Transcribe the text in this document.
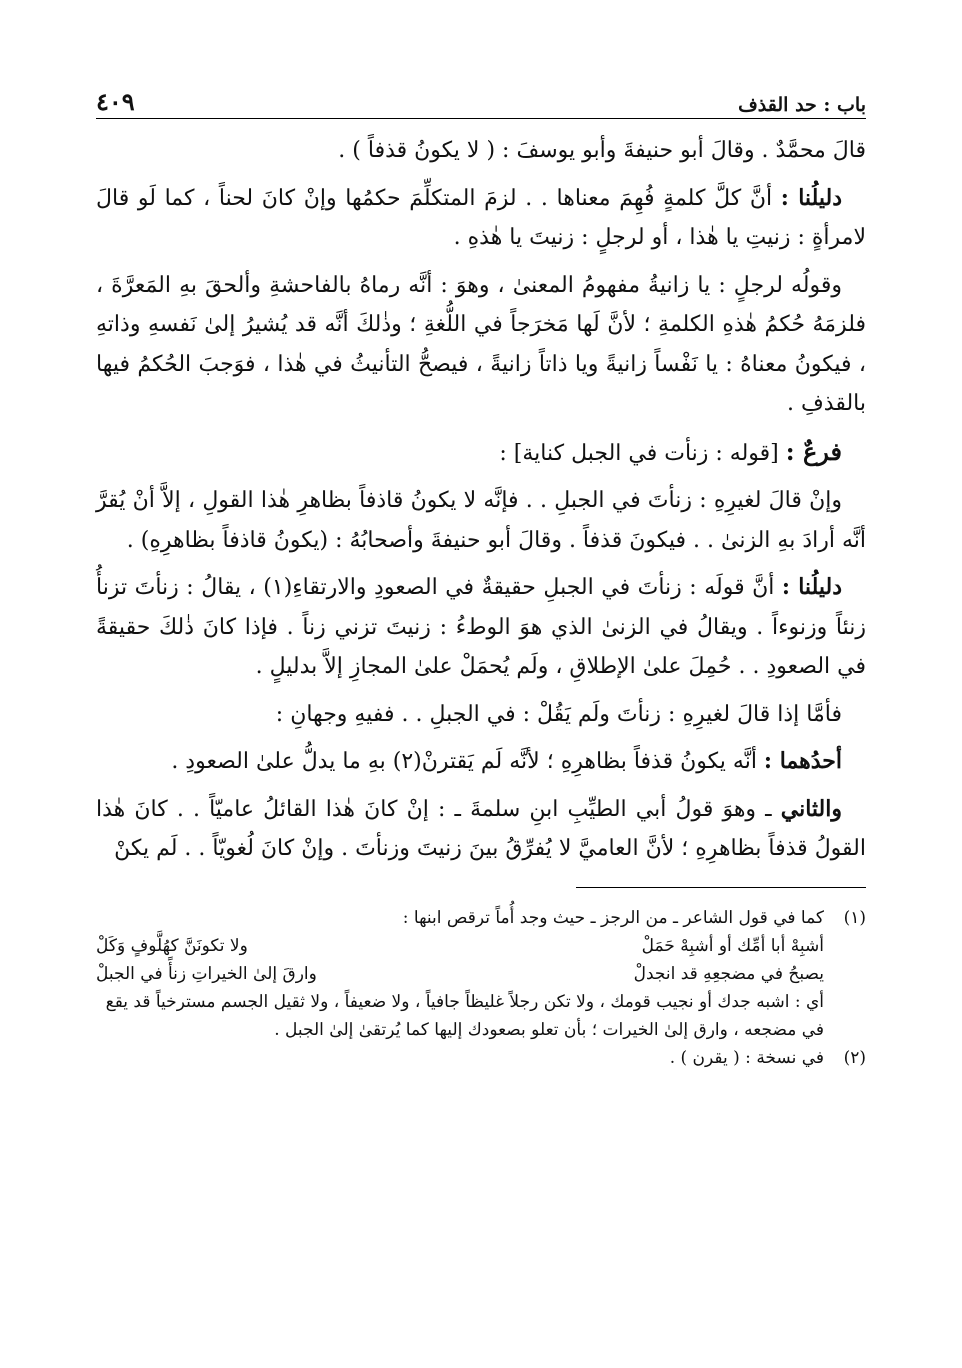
باب : حد القذف
٤٠٩

قالَ محمَّدٌ . وقالَ أبو حنيفةَ وأبو يوسفَ : ( لا يكونُ قذفاً ) .

دليلُنا : أنَّ كلَّ كلمةٍ فُهِمَ معناها . . لزمَ المتكلِّمَ حكمُها وإنْ كانَ لحناً ، كما لَو قالَ لامرأةٍ : زنيتِ يا هٰذا ، أو لرجلٍ : زنيتَ يا هٰذهِ .

وقولُه لرجلٍ : يا زانيةُ مفهومُ المعنىٰ ، وهوَ : أنَّه رماهُ بالفاحشةِ وألحقَ بهِ المَعرَّةَ ، فلزمَهُ حُكمُ هٰذهِ الكلمةِ ؛ لأنَّ لَها مَخرَجاً في اللُّغةِ ؛ وذٰلكَ أنَّه قد يُشيرُ إلىٰ نَفسهِ وذاتهِ ، فيكونُ معناهُ : يا نَفْساً زانيةً ويا ذاتاً زانيةً ، فيصحُّ التأنيثُ في هٰذا ، فوَجبَ الحُكمُ فيها بالقذفِ .

فرعٌ : [قوله : زنأت في الجبل كناية] :

وإنْ قالَ لغيرِهِ : زنأتَ في الجبلِ . . فإنَّه لا يكونُ قاذفاً بظاهرِ هٰذا القولِ ، إلاَّ أنْ يُقرَّ أنَّه أرادَ بهِ الزنىٰ . . فيكونَ قذفاً . وقالَ أبو حنيفةَ وأصحابُهُ : (يكونُ قاذفاً بظاهرِهِ) .

دليلُنا : أنَّ قولَه : زنأتَ في الجبلِ حقيقةٌ في الصعودِ والارتقاءِ(١) ، يقالُ : زنأتَ تزنأُ زنئاً وزنوءاً . ويقالُ في الزنىٰ الذي هوَ الوطءُ : زنيتَ تزني زناً . فإذا كانَ ذٰلكَ حقيقةً في الصعودِ . . حُمِلَ علىٰ الإطلاقِ ، ولَم يُحمَلْ علىٰ المجازِ إلاَّ بدليلٍ .

فأمَّا إذا قالَ لغيرِهِ : زنأتَ ولَم يَقُلْ : في الجبلِ . . ففيهِ وجهانِ :

أحدُهما : أنَّه يكونُ قذفاً بظاهرِهِ ؛ لأنَّه لَم يَقترنْ(٢) بهِ ما يدلُّ علىٰ الصعودِ .

والثاني ـ وهوَ قولُ أبي الطيِّبِ ابنِ سلمةَ ـ : إنْ كانَ هٰذا القائلُ عاميّاً . . كانَ هٰذا القولُ قذفاً بظاهرِهِ ؛ لأنَّ العاميَّ لا يُفرِّقُ بينَ زنيتَ وزنأتَ . وإنْ كانَ لُغويّاً . . لَم يكنْ

(١)كما في قول الشاعر ـ من الرجز ـ حيث وجد أُماً ترقص ابنها :

أشبِهْ أبا أمِّك أو أشبِهْ حَمَلْ
ولا تكونَنَّ كهُلَّوفٍ وَكَلْ
يصبحُ في مضجعِهِ قد انجدلْ
وارقَ إلىٰ الخيراتِ زنأً في الجبلْ

أي : اشبه جدك أو نجيب قومك ، ولا تكن رجلاً غليظاً جافياً ، ولا ضعيفاً ، ولا ثقيل الجسم مسترخياً قد يقع في مضجعه ، وارق إلىٰ الخيرات ؛ بأن تعلو بصعودك إليها كما يُرتقىٰ إلىٰ الجبل .

(٢)في نسخة : ( يقرن ) .
